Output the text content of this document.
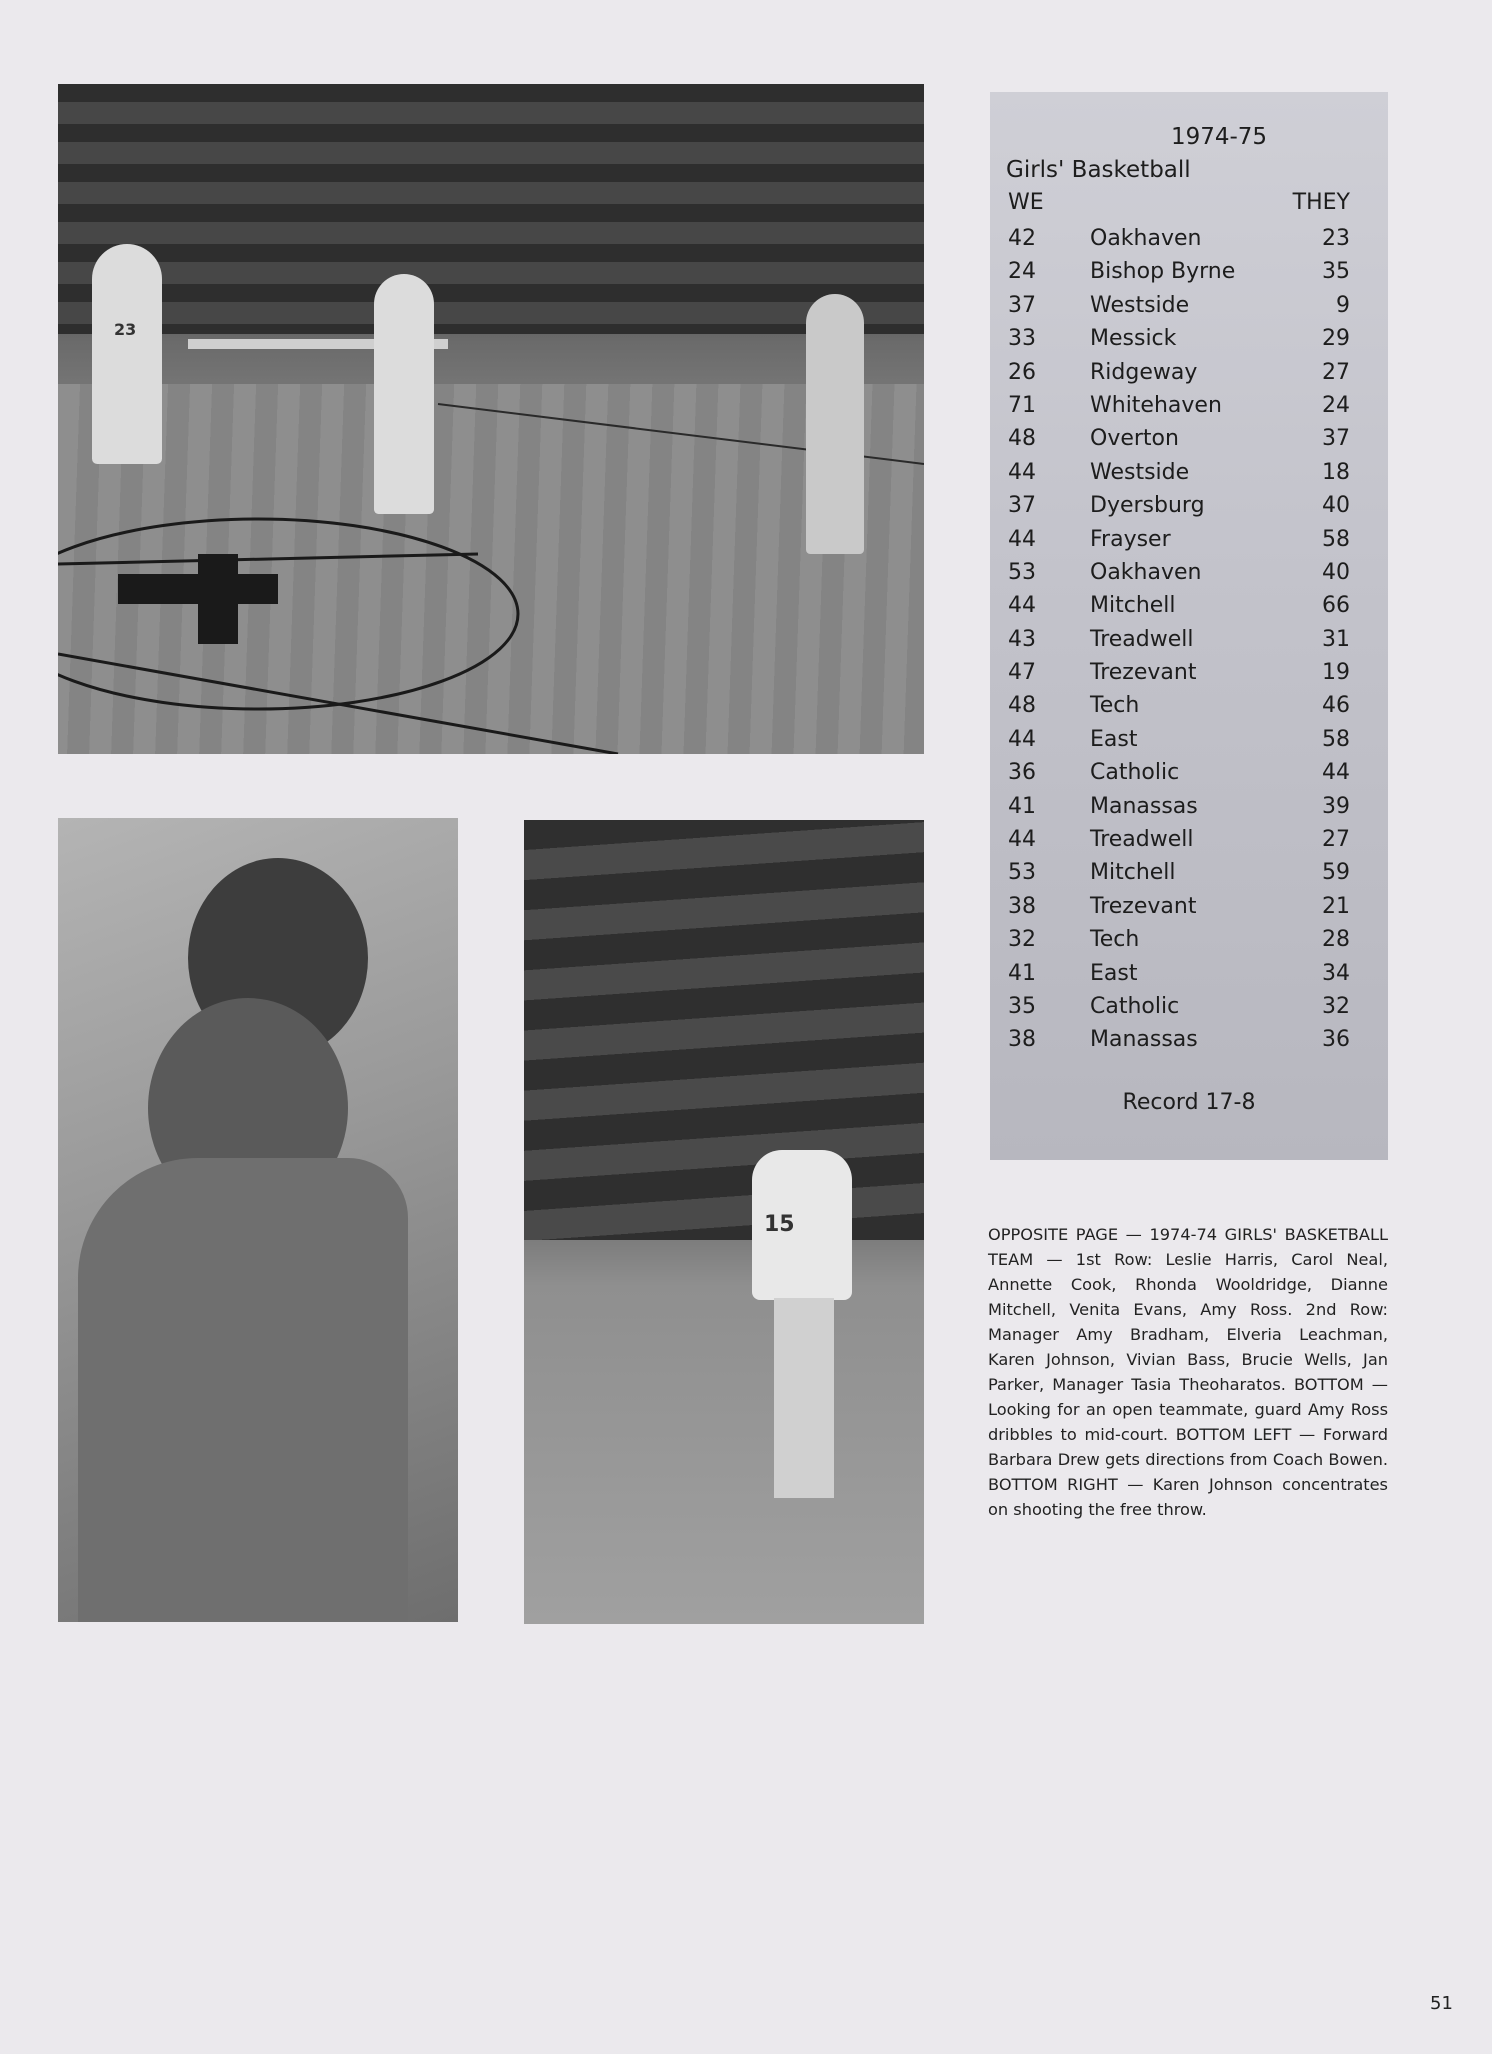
23
15
1974-75
Girls' Basketball
WE	THEY
42	Oakhaven	23
24	Bishop Byrne	35
37	Westside	9
33	Messick	29
26	Ridgeway	27
71	Whitehaven	24
48	Overton	37
44	Westside	18
37	Dyersburg	40
44	Frayser	58
53	Oakhaven	40
44	Mitchell	66
43	Treadwell	31
47	Trezevant	19
48	Tech	46
44	East	58
36	Catholic	44
41	Manassas	39
44	Treadwell	27
53	Mitchell	59
38	Trezevant	21
32	Tech	28
41	East	34
35	Catholic	32
38	Manassas	36
Record 17-8
OPPOSITE PAGE — 1974-74 GIRLS' BASKETBALL TEAM — 1st Row: Leslie Harris, Carol Neal, Annette Cook, Rhonda Wooldridge, Dianne Mitchell, Venita Evans, Amy Ross. 2nd Row: Manager Amy Bradham, Elveria Leachman, Karen Johnson, Vivian Bass, Brucie Wells, Jan Parker, Manager Tasia Theoharatos. BOTTOM — Looking for an open teammate, guard Amy Ross dribbles to mid-court. BOTTOM LEFT — Forward Barbara Drew gets directions from Coach Bowen. BOTTOM RIGHT — Karen Johnson concentrates on shooting the free throw.
51
